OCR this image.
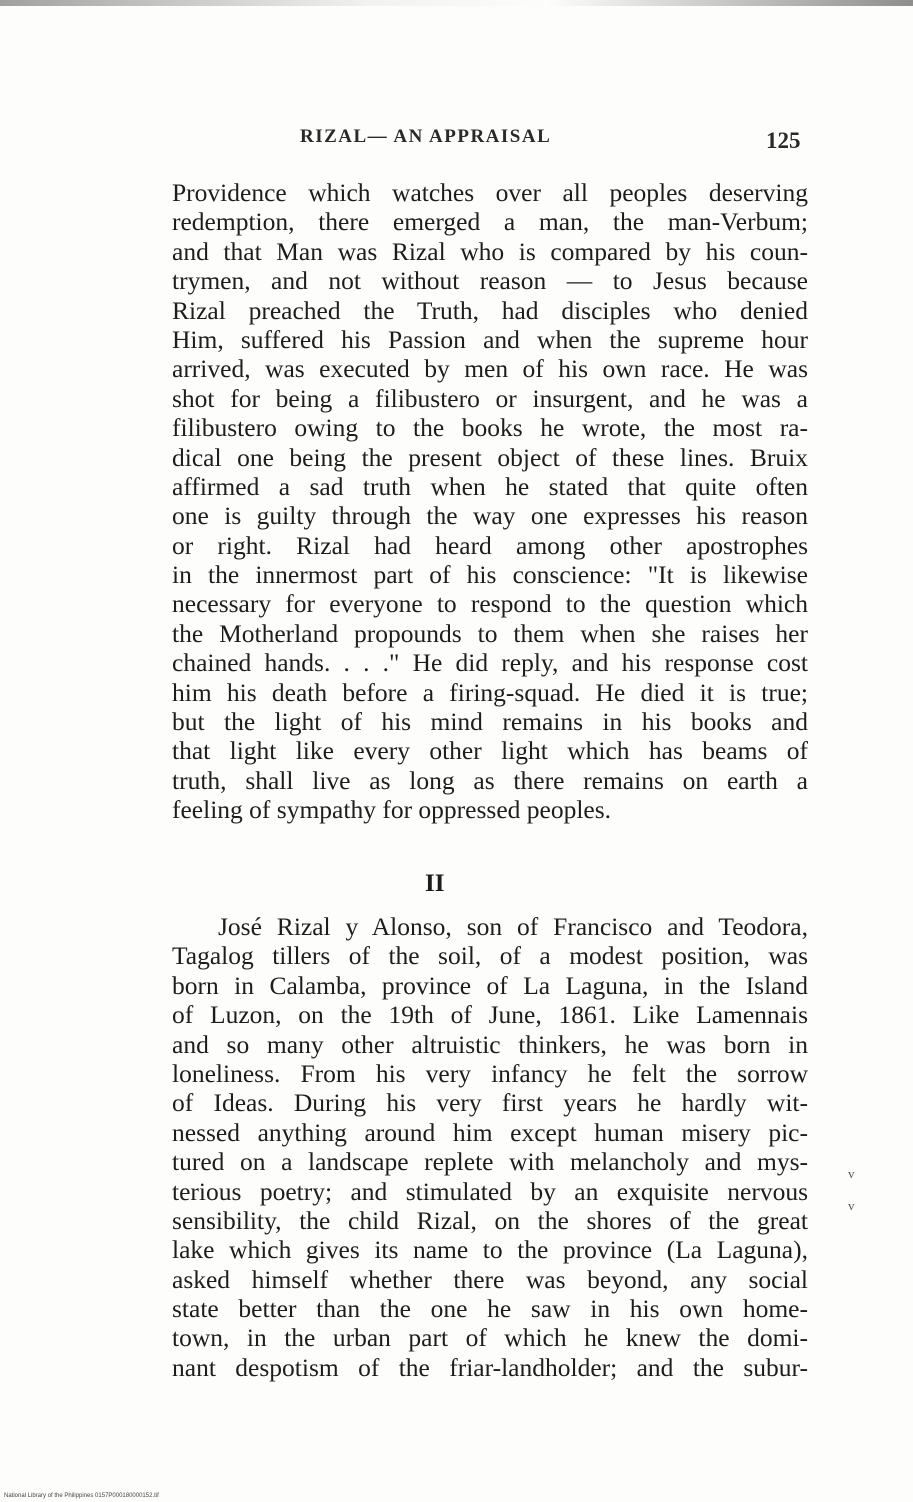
RIZAL— AN APPRAISAL	125
Providence which watches over all peoples deserving
redemption, there emerged a man, the man-Verbum;
and that Man was Rizal who is compared by his coun-
trymen, and not without reason — to Jesus because
Rizal preached the Truth, had disciples who denied
Him, suffered his Passion and when the supreme hour
arrived, was executed by men of his own race. He was
shot for being a filibustero or insurgent, and he was a
filibustero owing to the books he wrote, the most ra-
dical one being the present object of these lines. Bruix
affirmed a sad truth when he stated that quite often
one is guilty through the way one expresses his reason
or right. Rizal had heard among other apostrophes
in the innermost part of his conscience: "It is likewise
necessary for everyone to respond to the question which
the Motherland propounds to them when she raises her
chained hands. . . ." He did reply, and his response cost
him his death before a firing-squad. He died it is true;
but the light of his mind remains in his books and
that light like every other light which has beams of
truth, shall live as long as there remains on earth a
feeling of sympathy for oppressed peoples.
II
José Rizal y Alonso, son of Francisco and Teodora,
Tagalog tillers of the soil, of a modest position, was
born in Calamba, province of La Laguna, in the Island
of Luzon, on the 19th of June, 1861. Like Lamennais
and so many other altruistic thinkers, he was born in
loneliness. From his very infancy he felt the sorrow
of Ideas. During his very first years he hardly wit-
nessed anything around him except human misery pic-
tured on a landscape replete with melancholy and mys-
terious poetry; and stimulated by an exquisite nervous
sensibility, the child Rizal, on the shores of the great
lake which gives its name to the province (La Laguna),
asked himself whether there was beyond, any social
state better than the one he saw in his own home-
town, in the urban part of which he knew the domi-
nant despotism of the friar-landholder; and the subur-
v
v
National Library of the Philippines 0157P000180000152.tif
